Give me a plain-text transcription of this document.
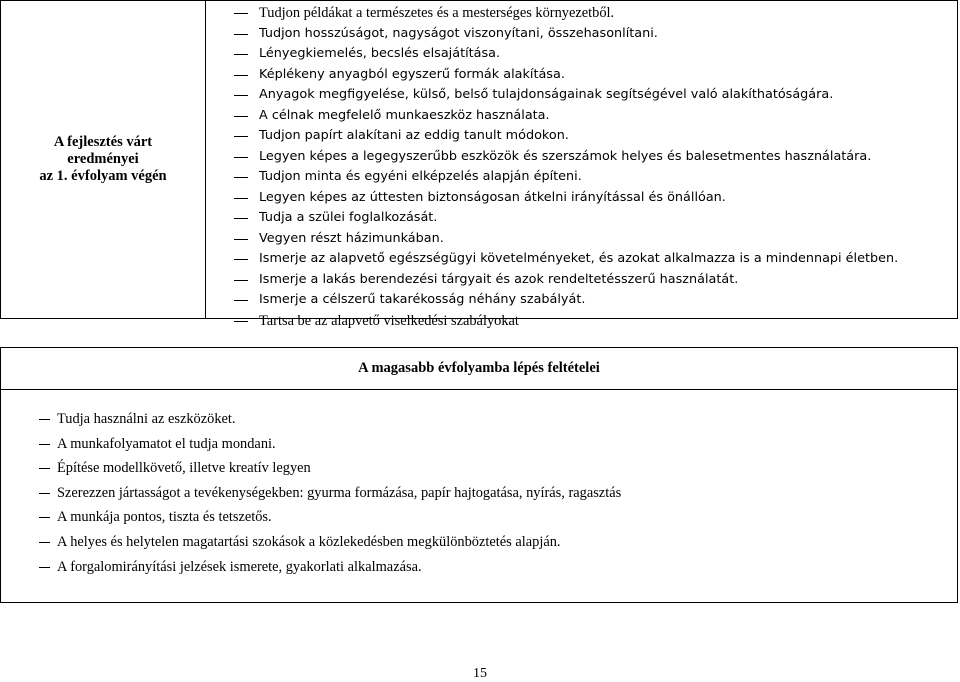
A fejlesztés várt
eredményei
az 1. évfolyam végén
Tudjon példákat a természetes és a mesterséges környezetből.
Tudjon hosszúságot, nagyságot viszonyítani, összehasonlítani.
Lényegkiemelés, becslés elsajátítása.
Képlékeny anyagból egyszerű formák alakítása.
Anyagok megfigyelése, külső, belső tulajdonságainak segítségével való alakíthatóságára.
A célnak megfelelő munkaeszköz használata.
Tudjon papírt alakítani az eddig tanult módokon.
Legyen képes a legegyszerűbb eszközök és szerszámok helyes és balesetmentes használatára.
Tudjon minta és egyéni elképzelés alapján építeni.
Legyen képes az úttesten biztonságosan átkelni irányítással és önállóan.
Tudja a szülei foglalkozását.
Vegyen részt házimunkában.
Ismerje az alapvető egészségügyi követelményeket, és azokat alkalmazza is a mindennapi életben.
Ismerje a lakás berendezési tárgyait és azok rendeltetésszerű használatát.
Ismerje a célszerű takarékosság néhány szabályát.
Tartsa be az alapvető viselkedési szabályokat
A magasabb évfolyamba lépés feltételei
Tudja használni az eszközöket.
A munkafolyamatot el tudja mondani.
Építése modellkövető, illetve kreatív legyen
Szerezzen jártasságot a tevékenységekben: gyurma formázása, papír hajtogatása, nyírás, ragasztás
A munkája pontos, tiszta és tetszetős.
A helyes és helytelen magatartási szokások a közlekedésben megkülönböztetés alapján.
A forgalomirányítási jelzések ismerete, gyakorlati alkalmazása.
15
